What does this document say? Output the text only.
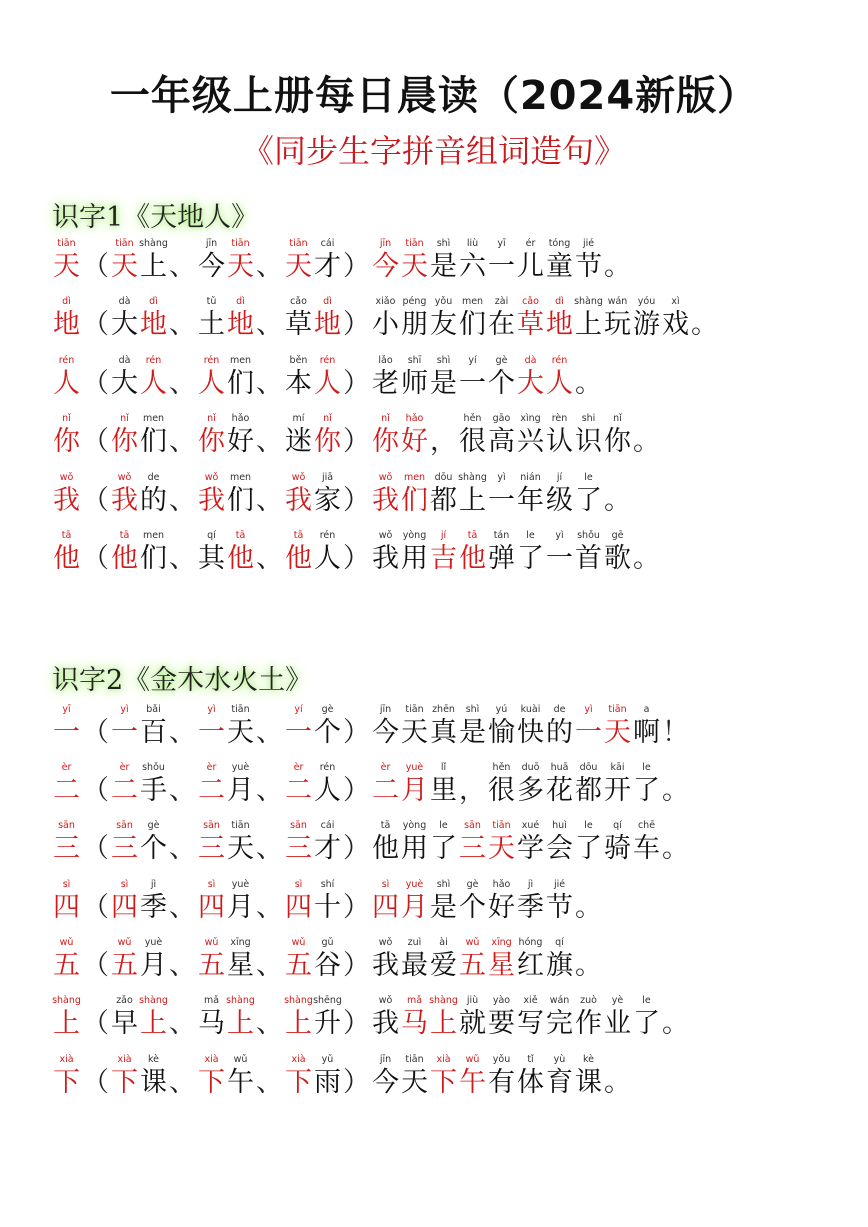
一年级上册每日晨读（2024新版）
《同步生字拼音组词造句》
识字1《天地人》
tiān
天 （
tiān
天
shàng
上 、
jīn
今
tiān
天 、
tiān
天
cái
才 ）
jīn
今
tiān
天
shì
是
liù
六
yī
一
ér
儿
tóng
童
jié
节 。
dì
地 （
dà
大
dì
地 、
tǔ
土
dì
地 、
cǎo
草
dì
地 ）
xiǎo
小
péng
朋
yǒu
友
men
们
zài
在
cǎo
草
dì
地
shàng
上
wán
玩
yóu
游
xì
戏 。
rén
人 （
dà
大
rén
人 、
rén
人
men
们 、
běn
本
rén
人 ）
lǎo
老
shī
师
shì
是
yí
一
gè
个
dà
大
rén
人 。
nǐ
你 （
nǐ
你
men
们 、
nǐ
你
hǎo
好 、
mí
迷
nǐ
你 ）
nǐ
你
hǎo
好 ，
hěn
很
gāo
高
xìng
兴
rèn
认
shi
识
nǐ
你 。
wǒ
我 （
wǒ
我
de
的 、
wǒ
我
men
们 、
wǒ
我
jiā
家 ）
wǒ
我
men
们
dōu
都
shàng
上
yì
一
nián
年
jí
级
le
了 。
tā
他 （
tā
他
men
们 、
qí
其
tā
他 、
tā
他
rén
人 ）
wǒ
我
yòng
用
jí
吉
tā
他
tán
弹
le
了
yì
一
shǒu
首
gē
歌 。
识字2《金木水火土》
yī
一 （
yì
一
bǎi
百 、
yì
一
tiān
天 、
yí
一
gè
个 ）
jīn
今
tiān
天
zhēn
真
shì
是
yú
愉
kuài
快
de
的
yì
一
tiān
天
a
啊 ！
èr
二 （
èr
二
shǒu
手 、
èr
二
yuè
月 、
èr
二
rén
人 ）
èr
二
yuè
月
lǐ
里 ，
hěn
很
duō
多
huā
花
dōu
都
kāi
开
le
了 。
sān
三 （
sān
三
gè
个 、
sān
三
tiān
天 、
sān
三
cái
才 ）
tā
他
yòng
用
le
了
sān
三
tiān
天
xué
学
huì
会
le
了
qí
骑
chē
车 。
sì
四 （
sì
四
jì
季 、
sì
四
yuè
月 、
sì
四
shí
十 ）
sì
四
yuè
月
shì
是
gè
个
hǎo
好
jì
季
jié
节 。
wǔ
五 （
wǔ
五
yuè
月 、
wǔ
五
xīng
星 、
wǔ
五
gǔ
谷 ）
wǒ
我
zuì
最
ài
爱
wǔ
五
xīng
星
hóng
红
qí
旗 。
shàng
上 （
zǎo
早
shàng
上 、
mǎ
马
shàng
上 、
shàng
上
shēng
升 ）
wǒ
我
mǎ
马
shàng
上
jiù
就
yào
要
xiě
写
wán
完
zuò
作
yè
业
le
了 。
xià
下 （
xià
下
kè
课 、
xià
下
wǔ
午 、
xià
下
yǔ
雨 ）
jīn
今
tiān
天
xià
下
wǔ
午
yǒu
有
tǐ
体
yù
育
kè
课 。
